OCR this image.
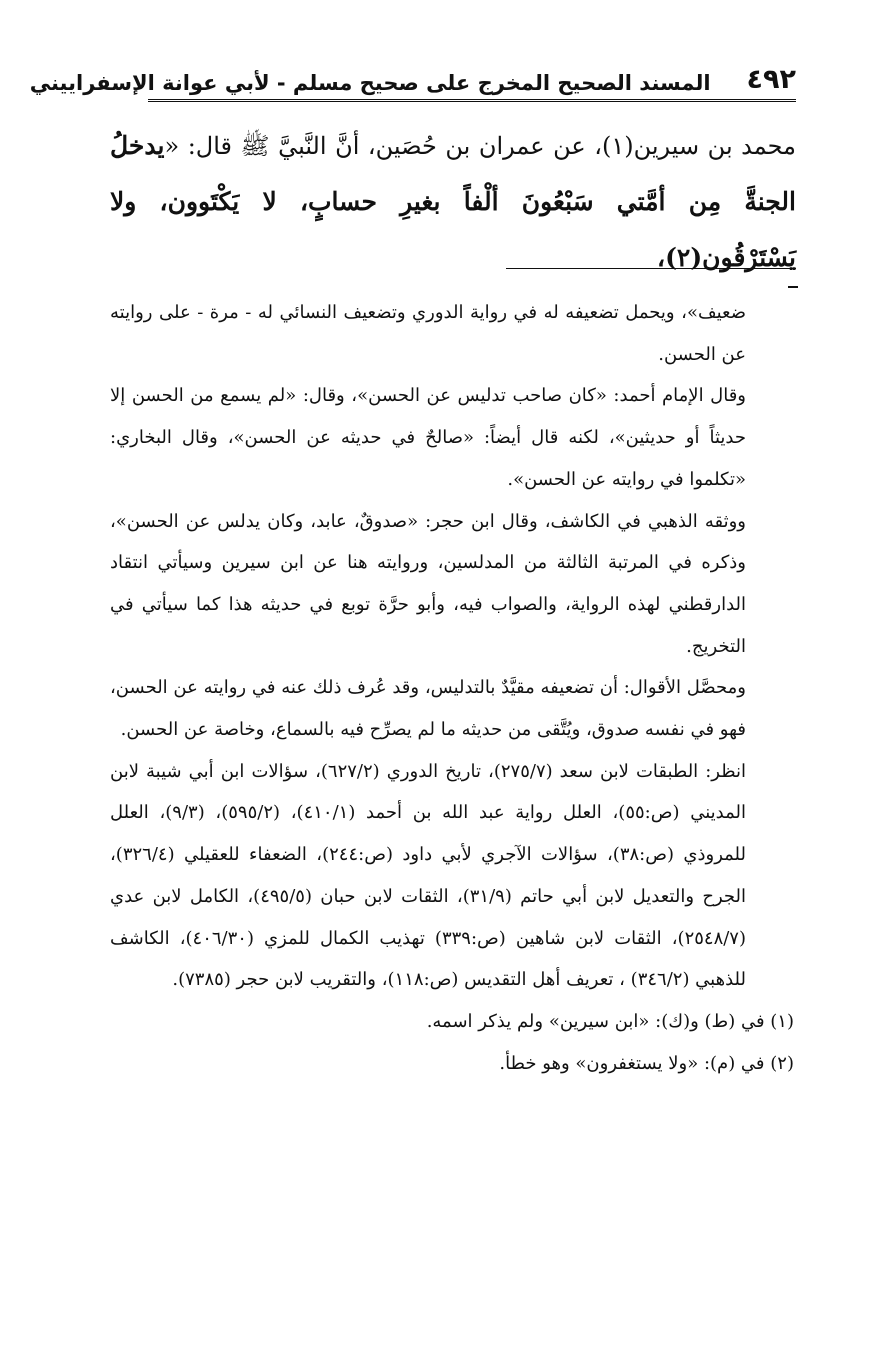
٤٩٢
المسند الصحيح المخرج على صحيح مسلم - لأبي عوانة الإسفراييني
محمد بن سيرين(١)، عن عمران بن حُصَين، أنَّ النَّبيَّ ﷺ قال: «يدخلُ الجنةَّ مِن أمَّتي سَبْعُونَ ألْفاً بغيرِ حسابٍ، لا يَكْتَوون، ولا يَسْتَرْقُون(٢)،

ضعيف»، ويحمل تضعيفه له في رواية الدوري وتضعيف النسائي له - مرة - على روايته عن الحسن.

وقال الإمام أحمد: «كان صاحب تدليس عن الحسن»، وقال: «لم يسمع من الحسن إلا حديثاً أو حديثين»، لكنه قال أيضاً: «صالحٌ في حديثه عن الحسن»، وقال البخاري: «تكلموا في روايته عن الحسن».

ووثقه الذهبي في الكاشف، وقال ابن حجر: «صدوقٌ، عابد، وكان يدلس عن الحسن»، وذكره في المرتبة الثالثة من المدلسين، وروايته هنا عن ابن سيرين وسيأتي انتقاد الدارقطني لهذه الرواية، والصواب فيه، وأبو حرَّة توبع في حديثه هذا كما سيأتي في التخريج.

ومحصَّل الأقوال: أن تضعيفه مقيَّدٌ بالتدليس، وقد عُرف ذلك عنه في روايته عن الحسن، فهو في نفسه صدوق، ويُتَّقى من حديثه ما لم يصرِّح فيه بالسماع، وخاصة عن الحسن.

انظر: الطبقات لابن سعد (٢٧٥/٧)، تاريخ الدوري (٦٢٧/٢)، سؤالات ابن أبي شيبة لابن المديني (ص:٥٥)، العلل رواية عبد الله بن أحمد (٤١٠/١)، (٥٩٥/٢)، (٩/٣)، العلل للمروذي (ص:٣٨)، سؤالات الآجري لأبي داود (ص:٢٤٤)، الضعفاء للعقيلي (٣٢٦/٤)، الجرح والتعديل لابن أبي حاتم (٣١/٩)، الثقات لابن حبان (٤٩٥/٥)، الكامل لابن عدي (٢٥٤٨/٧)، الثقات لابن شاهين (ص:٣٣٩) تهذيب الكمال للمزي (٤٠٦/٣٠)، الكاشف للذهبي (٣٤٦/٢) ، تعريف أهل التقديس (ص:١١٨)، والتقريب لابن حجر (٧٣٨٥).

(١) في (ط) و(ك): «ابن سيرين» ولم يذكر اسمه.

(٢) في (م): «ولا يستغفرون» وهو خطأ.
